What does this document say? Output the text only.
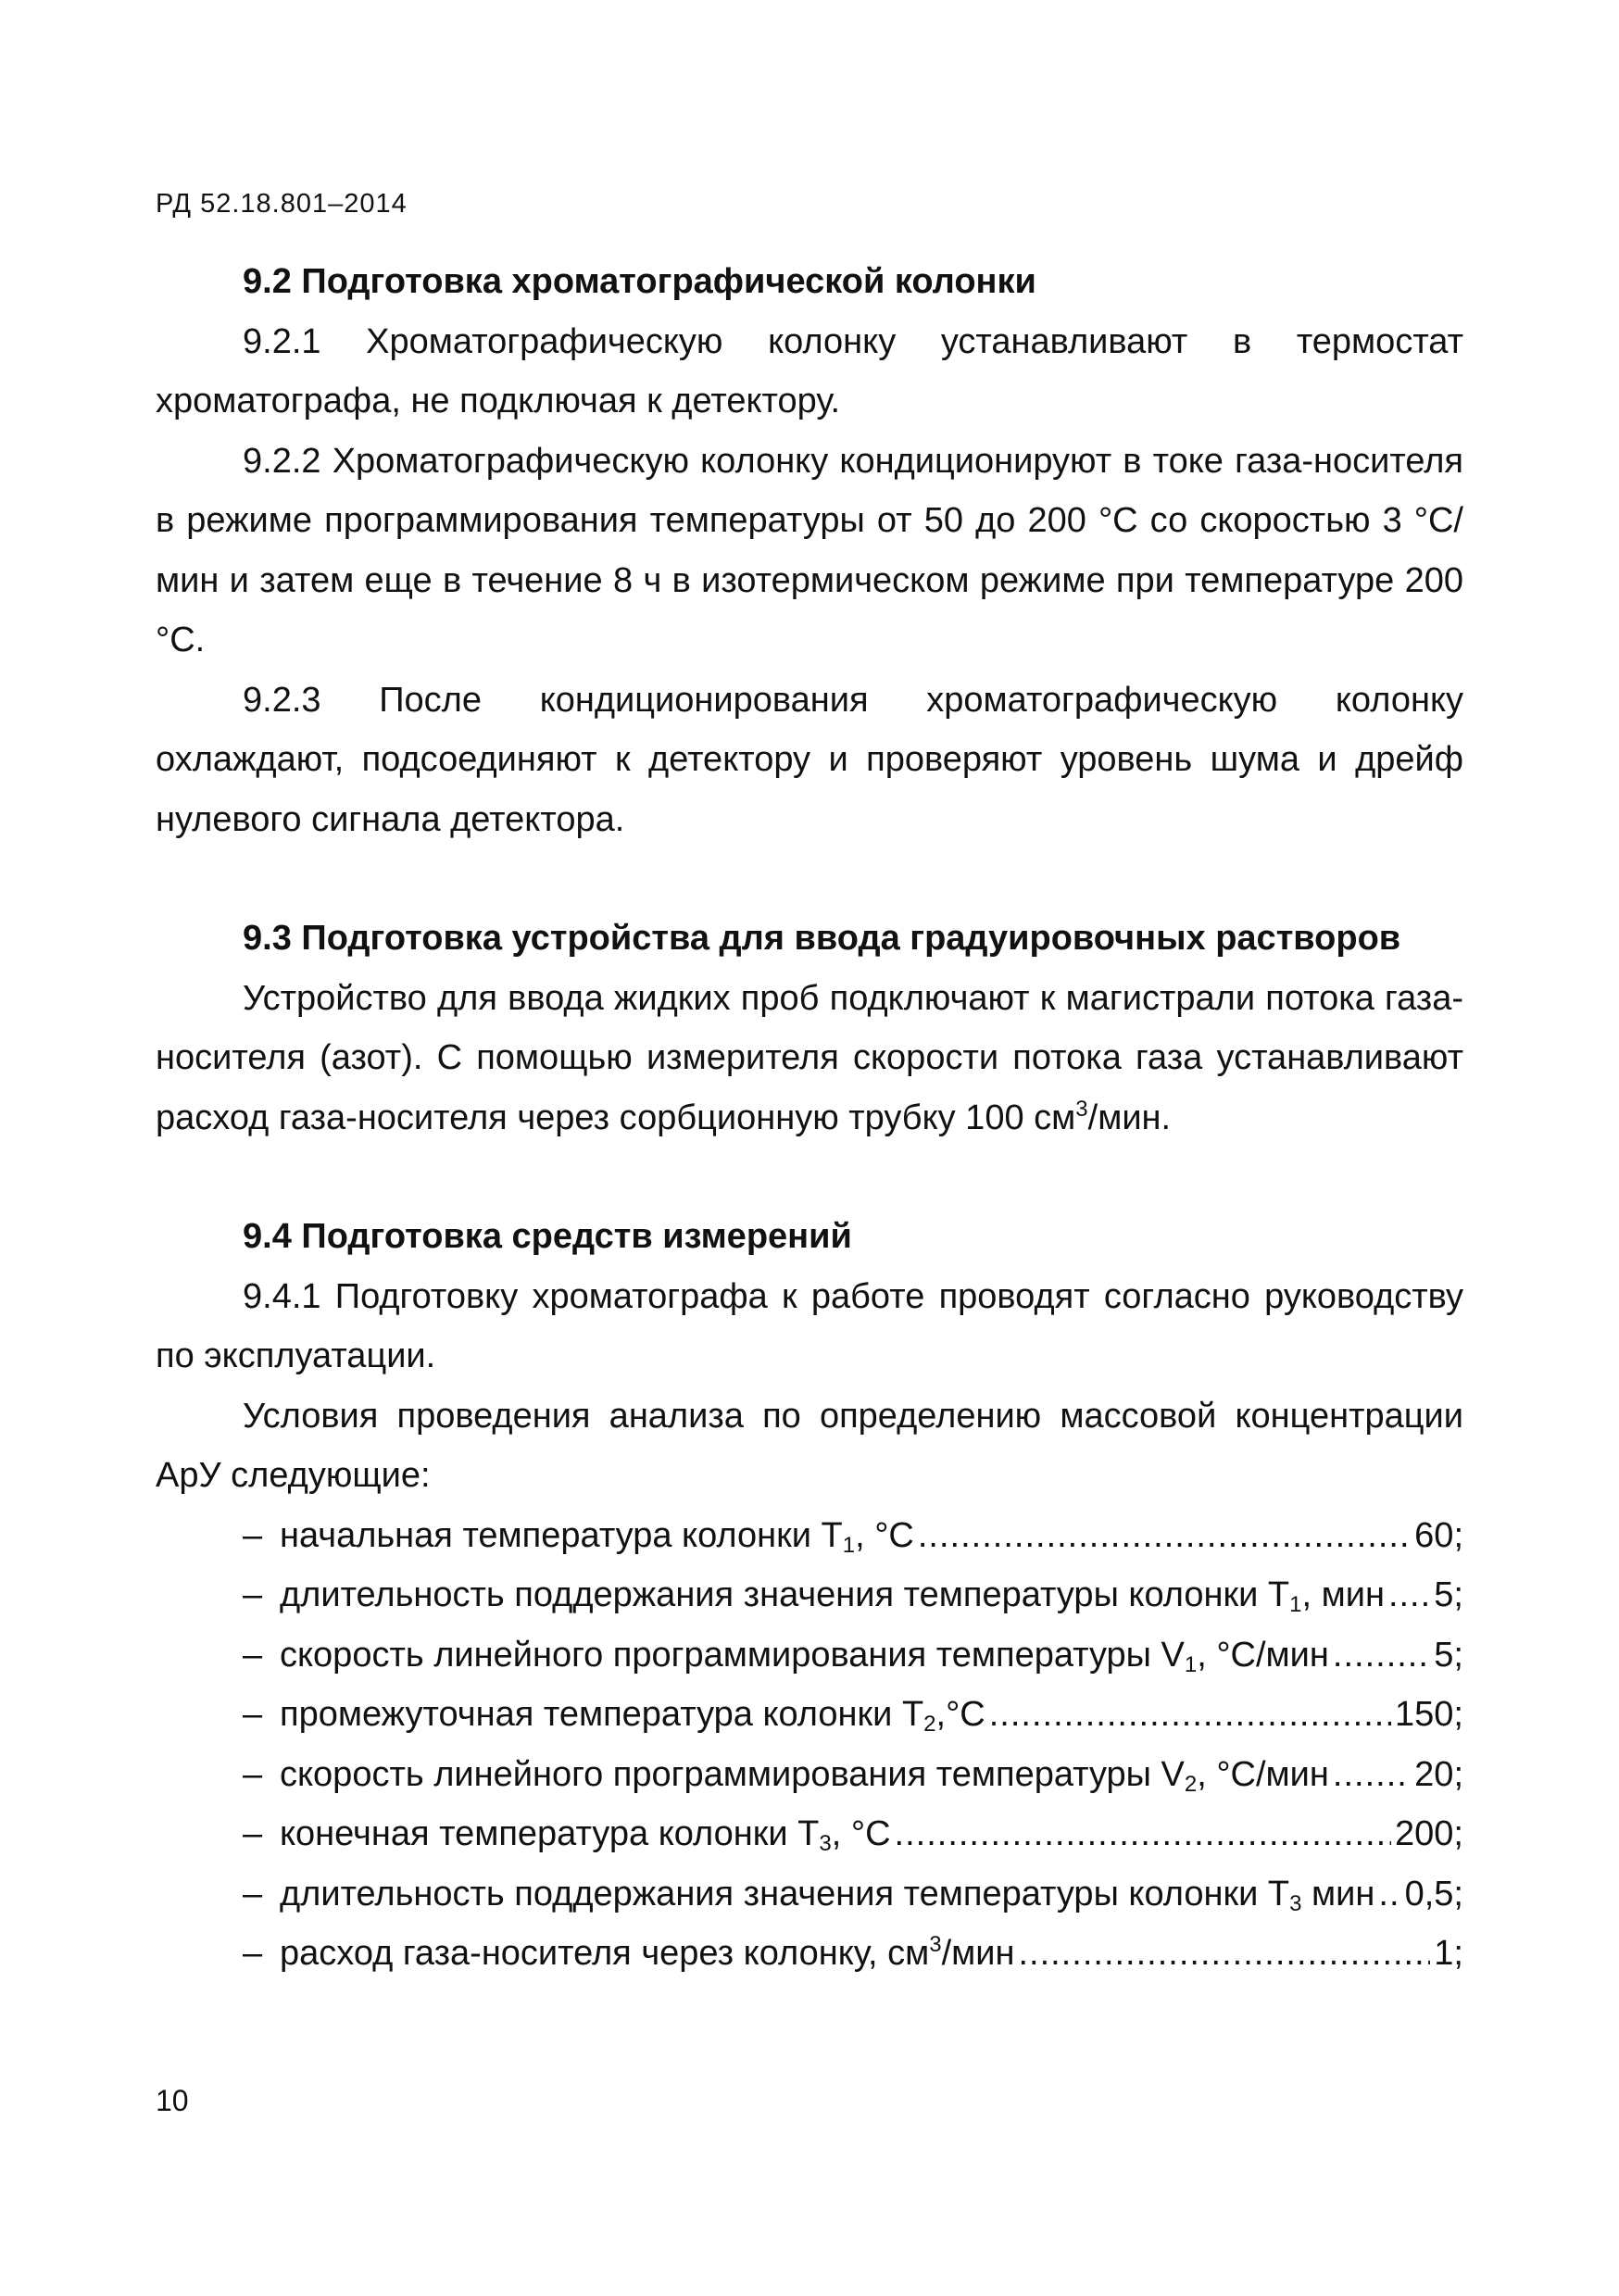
РД 52.18.801–2014

9.2 Подготовка хроматографической колонки

9.2.1 Хроматографическую колонку устанавливают в термостат хроматографа, не подключая к детектору.

9.2.2 Хроматографическую колонку кондиционируют в токе газа-носителя в режиме программирования температуры от 50 до 200 °С со скоростью 3 °С/мин и затем еще в течение 8 ч в изотермическом режиме при температуре 200 °С.

9.2.3 После кондиционирования хроматографическую колонку охлаждают, подсоединяют к детектору и проверяют уровень шума и дрейф нулевого сигнала детектора.

9.3 Подготовка устройства для ввода градуировочных растворов

Устройство для ввода жидких проб подключают к магистрали потока газа-носителя (азот). С помощью измерителя скорости потока газа устанавливают расход газа-носителя через сорбционную трубку 100 $см^3$/мин.

9.4 Подготовка средств измерений

9.4.1 Подготовку хроматографа к работе проводят согласно руководству по эксплуатации.

Условия проведения анализа по определению массовой концентрации АрУ следующие:

– начальная температура колонки $Т_1$, °С .....	60;
– длительность поддержания значения температуры колонки $Т_1$, мин ..... 5;
– скорость линейного программирования температуры $V_1$, °С/мин .....	5;
– промежуточная температура колонки $Т_2,^\circ С$ .....	150;
– скорость линейного программирования температуры $V_2$, °С/мин ..... 20;
– конечная температура колонки $Т_3$, °С .....	200;
– длительность поддержания значения температуры колонки $Т_3$ мин ..... 0,5;
– расход газа-носителя через колонку, $см^3$/мин .....	1;
10
